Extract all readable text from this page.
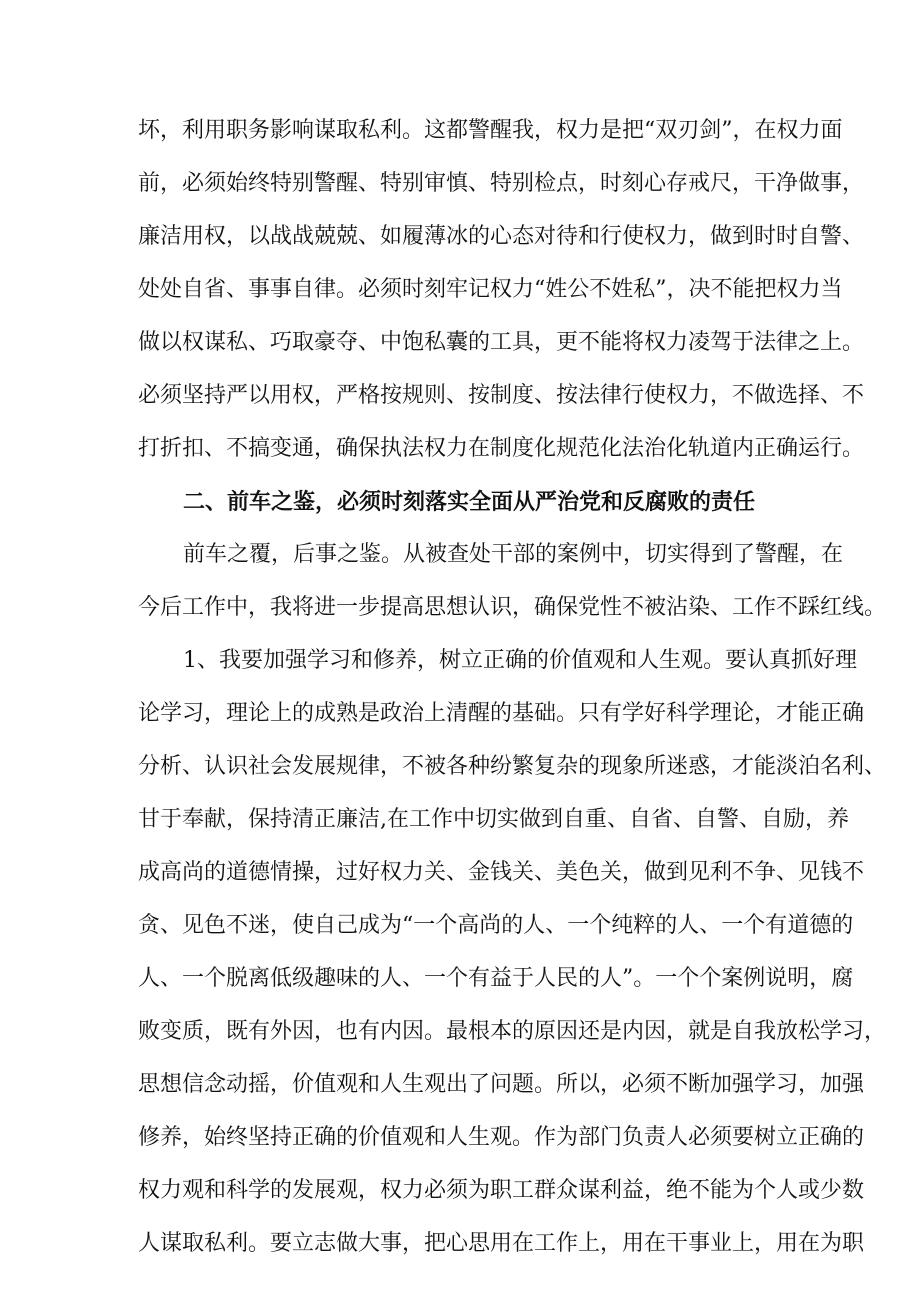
坏，利用职务影响谋取私利。这都警醒我，权力是把“双刃剑”，在权力面
前，必须始终特别警醒、特别审慎、特别检点，时刻心存戒尺，干净做事，
廉洁用权，以战战兢兢、如履薄冰的心态对待和行使权力，做到时时自警、
处处自省、事事自律。必须时刻牢记权力“姓公不姓私”，决不能把权力当
做以权谋私、巧取豪夺、中饱私囊的工具，更不能将权力凌驾于法律之上。
必须坚持严以用权，严格按规则、按制度、按法律行使权力，不做选择、不
打折扣、不搞变通，确保执法权力在制度化规范化法治化轨道内正确运行。
二、前车之鉴，必须时刻落实全面从严治党和反腐败的责任
前车之覆，后事之鉴。从被查处干部的案例中，切实得到了警醒，在
今后工作中，我将进一步提高思想认识，确保党性不被沾染、工作不踩红线。
1、我要加强学习和修养，树立正确的价值观和人生观。要认真抓好理
论学习，理论上的成熟是政治上清醒的基础。只有学好科学理论，才能正确
分析、认识社会发展规律，不被各种纷繁复杂的现象所迷惑，才能淡泊名利、
甘于奉献，保持清正廉洁,在工作中切实做到自重、自省、自警、自励，养
成高尚的道德情操，过好权力关、金钱关、美色关，做到见利不争、见钱不
贪、见色不迷，使自己成为“一个高尚的人、一个纯粹的人、一个有道德的
人、一个脱离低级趣味的人、一个有益于人民的人”。一个个案例说明，腐
败变质，既有外因，也有内因。最根本的原因还是内因，就是自我放松学习，
思想信念动摇，价值观和人生观出了问题。所以，必须不断加强学习，加强
修养，始终坚持正确的价值观和人生观。作为部门负责人必须要树立正确的
权力观和科学的发展观，权力必须为职工群众谋利益，绝不能为个人或少数
人谋取私利。要立志做大事，把心思用在工作上，用在干事业上，用在为职
